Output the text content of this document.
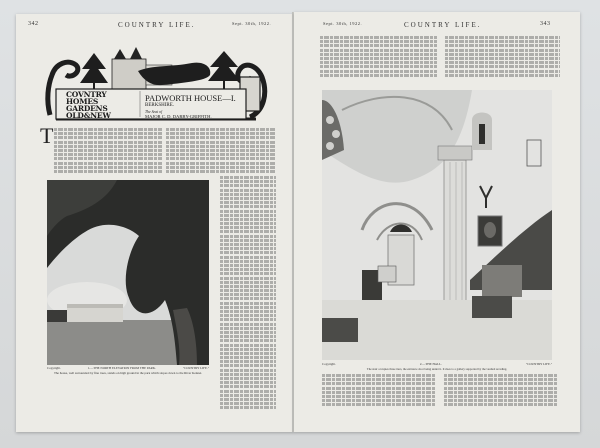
342	COUNTRY LIFE.	Sept. 30th, 1922.
COVNTRY
HOMES
GARDENS
OLD&NEW
PADWORTH HOUSE—I.
BERKSHIRE.
The Seat of
MAJOR C. D. DARBY-GRIFFITH.
T
Copyright.	1.—THE NORTH ELEVATION FROM THE PARK.	"COUNTRY LIFE."
The house, well surrounded by fine trees, stands on high ground in the park which slopes down to the River Kennet.
Sept. 30th, 1922.	COUNTRY LIFE.	343
Copyright.	2.—THE HALL.	"COUNTRY LIFE."
The stair occupies three tiers, the entrance door being under it. It rises to a gallery supported by the vaulted arcading.
